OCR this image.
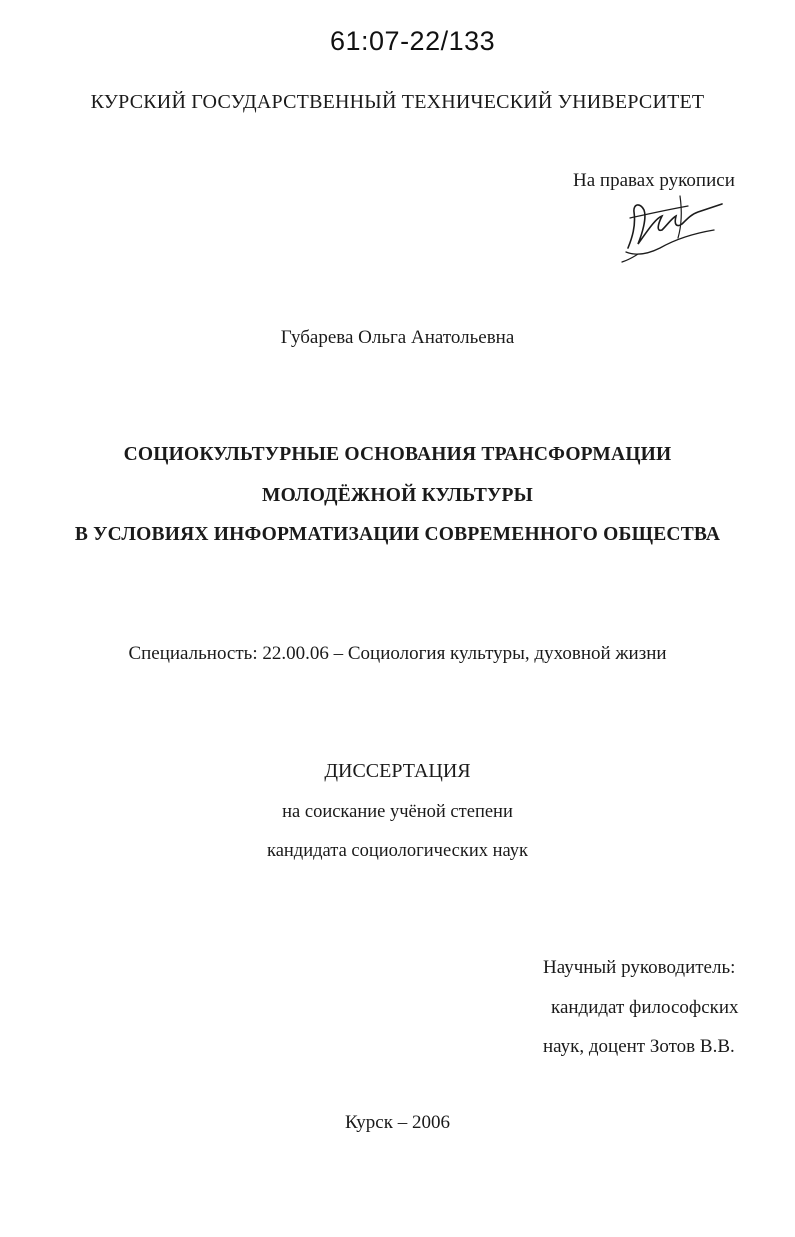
61:07-22/133
КУРСКИЙ ГОСУДАРСТВЕННЫЙ ТЕХНИЧЕСКИЙ УНИВЕРСИТЕТ
На правах рукописи
Губарева Ольга Анатольевна
СОЦИОКУЛЬТУРНЫЕ ОСНОВАНИЯ ТРАНСФОРМАЦИИ
МОЛОДЁЖНОЙ КУЛЬТУРЫ
В УСЛОВИЯХ ИНФОРМАТИЗАЦИИ СОВРЕМЕННОГО ОБЩЕСТВА
Специальность: 22.00.06 – Социология культуры, духовной жизни
ДИССЕРТАЦИЯ
на соискание учёной степени
кандидата социологических наук
Научный руководитель:
кандидат философских
наук, доцент Зотов В.В.
Курск – 2006
